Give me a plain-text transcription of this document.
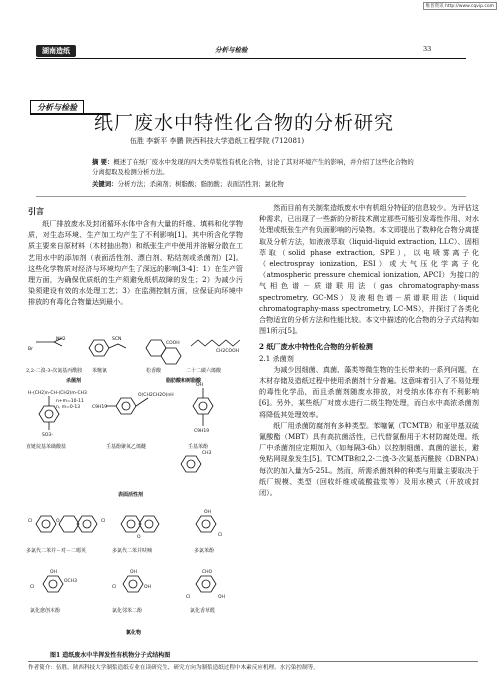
维普资讯 http://www.cqvip.com
湖南造纸	分析与检验	33
分析与检验
纸厂废水中特性化合物的分析研究
伍胜 李新平 李鹏 陕西科技大学造纸工程学院 (712081)
摘 要：概述了在纸厂废水中发现的四大类草浆性有机化合物，讨论了其对环境产生的影响，并介绍了这些化合物的分离提取及检测分析方法。
关键词：分析方法；杀菌剂；树脂酸；脂肪酸；表面活性剂；氯化物
引言

纸厂排放废水及封闭循环水体中含有大量的纤维、填料和化学物质，对生态环境、生产加工均产生了不利影响[1]。其中所含化学物质主要来自原材料（木材抽出物）和纸张生产中使用并溶解分散在工艺用水中的添加剂（表面活性剂、漂白剂、粘结剂或杀菌剂）[2]。这些化学物质对经济与环境均产生了深远的影响[3-4]：1）在生产管理方面，为确保优质纸的生产须避免纸机故障的发生；2）为减少污染须建设有效的水处理工艺；3）在监测控制方面，应保证向环境中排放的有毒化合物量达到最小。

然而目前有关制浆造纸废水中有机组分特征的信息较少。为评估这种需求，已出现了一些新的分析技术测定那些可能引发毒性作用、对水处理或纸张生产有负面影响的污染物。本文即提出了数种化合物分离提取及分析方法，如液液萃取（liquid-liquid extraction, LLC）、固相萃取（solid phase extraction, SPE），以电喷雾离子化（electrospray ionization, ESI）或大气压化学离子化（atmospheric pressure chemical ionization, APCI）为接口的气相色谱－质谱联用法（gas chromatography-mass spectrometry, GC-MS）及液相色谱－质谱联用法（liquid chromatography-mass spectrometry, LC-MS），并探讨了各类化合物适宜的分析方法和性能比较。本文中描述的化合物的分子式结构如图1所示[5]。

2 纸厂废水中特性化合物的分析检测
2.1 杀菌剂

为减少因细菌、真菌、藻类等微生物的生长带来的一系列问题，在木材存储及造纸过程中使用杀菌剂十分普遍。这意味着引入了不易处理的毒性化学品，而且杀菌剂随废水排放，对受纳水体亦有不利影响[6]。另外，某些纸厂对废水进行二级生物处理，而白水中高浓杀菌剂将降低其处理效率。

纸厂用杀菌防腐剂有多种类型。苯噻氰（TCMTB）和亚甲基双硫氰酸酯（MBT）具有高抗菌活性，已代替氯酚用于木材防腐处理。纸厂中杀菌剂应定期加入（如每隔3-6h）以控制细菌、真菌的滋长，避免粘网现象发生[5]。TCMTB和2,2-二溴-3-次氮基丙酰胺（DBNPA）每次的加入量为5-25L。然而，所需杀菌剂种的种类与用量主要取决于纸厂规模、类型（回收纤维或硫酸盐浆等）及用水模式（开放或封闭）。

NH2
Br
SCN
COOH
CH2COOH
H-(CH2)n-CH-(CH2)m-CH3
n+m=10-11
n, m=0-13
SO3-
C9H19
O(CH2CH2O)nH
OH
C9H19
CH3
Cl	O	Cl
O
OH
Cl
OH
OCH3
Cl
OH
OH
Cl
CHO
OH
Cl
2,2-二溴-3-次氮基丙酰胺 苯噻氰	松香酸	二十二碳六烯酸
杀菌剂	脂肪酸和树脂酸
直链烷基苯磺酸盐	壬基酚聚氧乙烯醚	壬基苯酚
表面活性剂
多氯代二苯并－对－二噁英	多氯代二苯并呋喃	多氯苯酚
氯化愈创木酚	氯化邻苯二酚	氯化香草醛
氯化物
图1 造纸废水中半挥发性有机物分子式结构图
作者简介：伍胜，陕西科技大学制浆造纸专业在读研究生，研究方向为制浆造纸过程中木素反应机理、水污染控制等。
